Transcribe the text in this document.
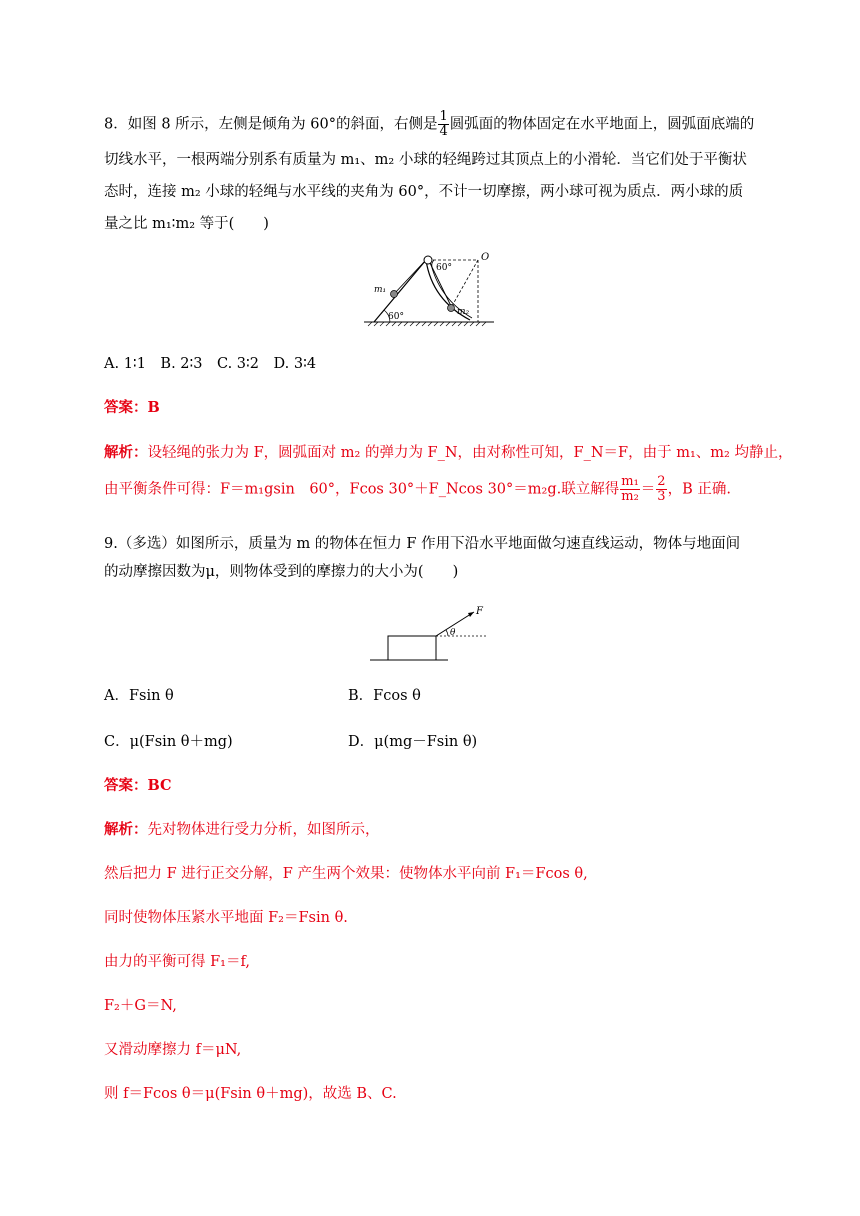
8．如图 8 所示，左侧是倾角为 60°的斜面，右侧是 $\frac{1}{4}$ 圆弧面的物体固定在水平地面上，圆弧面底端的
切线水平，一根两端分别系有质量为 m₁、m₂ 小球的轻绳跨过其顶点上的小滑轮．当它们处于平衡状
态时，连接 m₂ 小球的轻绳与水平线的夹角为 60°，不计一切摩擦，两小球可视为质点．两小球的质
量之比 m₁∶m₂ 等于(　　)
60°
60°
O
m₁
m₂
A. 1∶1　B. 2∶3　C. 3∶2　D. 3∶4
答案：B
解析：设轻绳的张力为 F，圆弧面对 m₂ 的弹力为 F_N，由对称性可知，F_N＝F，由于 m₁、m₂ 均静止，
由平衡条件可得：F＝m₁gsin　60°，Fcos 30°＋F_Ncos 30°＝m₂g.联立解得 $\frac{\text{m₁}}{\text{m₂}} = \frac{2}{3}$ ，B 正确.
9.（多选）如图所示，质量为 m 的物体在恒力 F 作用下沿水平地面做匀速直线运动，物体与地面间
的动摩擦因数为μ，则物体受到的摩擦力的大小为(　　)
F
θ
A．Fsin θ	B．Fcos θ
C．μ(Fsin θ＋mg)	D．μ(mg－Fsin θ)
答案：BC
解析：先对物体进行受力分析，如图所示，
然后把力 F 进行正交分解，F 产生两个效果：使物体水平向前 F₁＝Fcos θ,
同时使物体压紧水平地面 F₂＝Fsin θ.
由力的平衡可得 F₁＝f,
F₂＋G＝N,
又滑动摩擦力 f＝μN,
则 f＝Fcos θ＝μ(Fsin θ＋mg)，故选 B、C.
